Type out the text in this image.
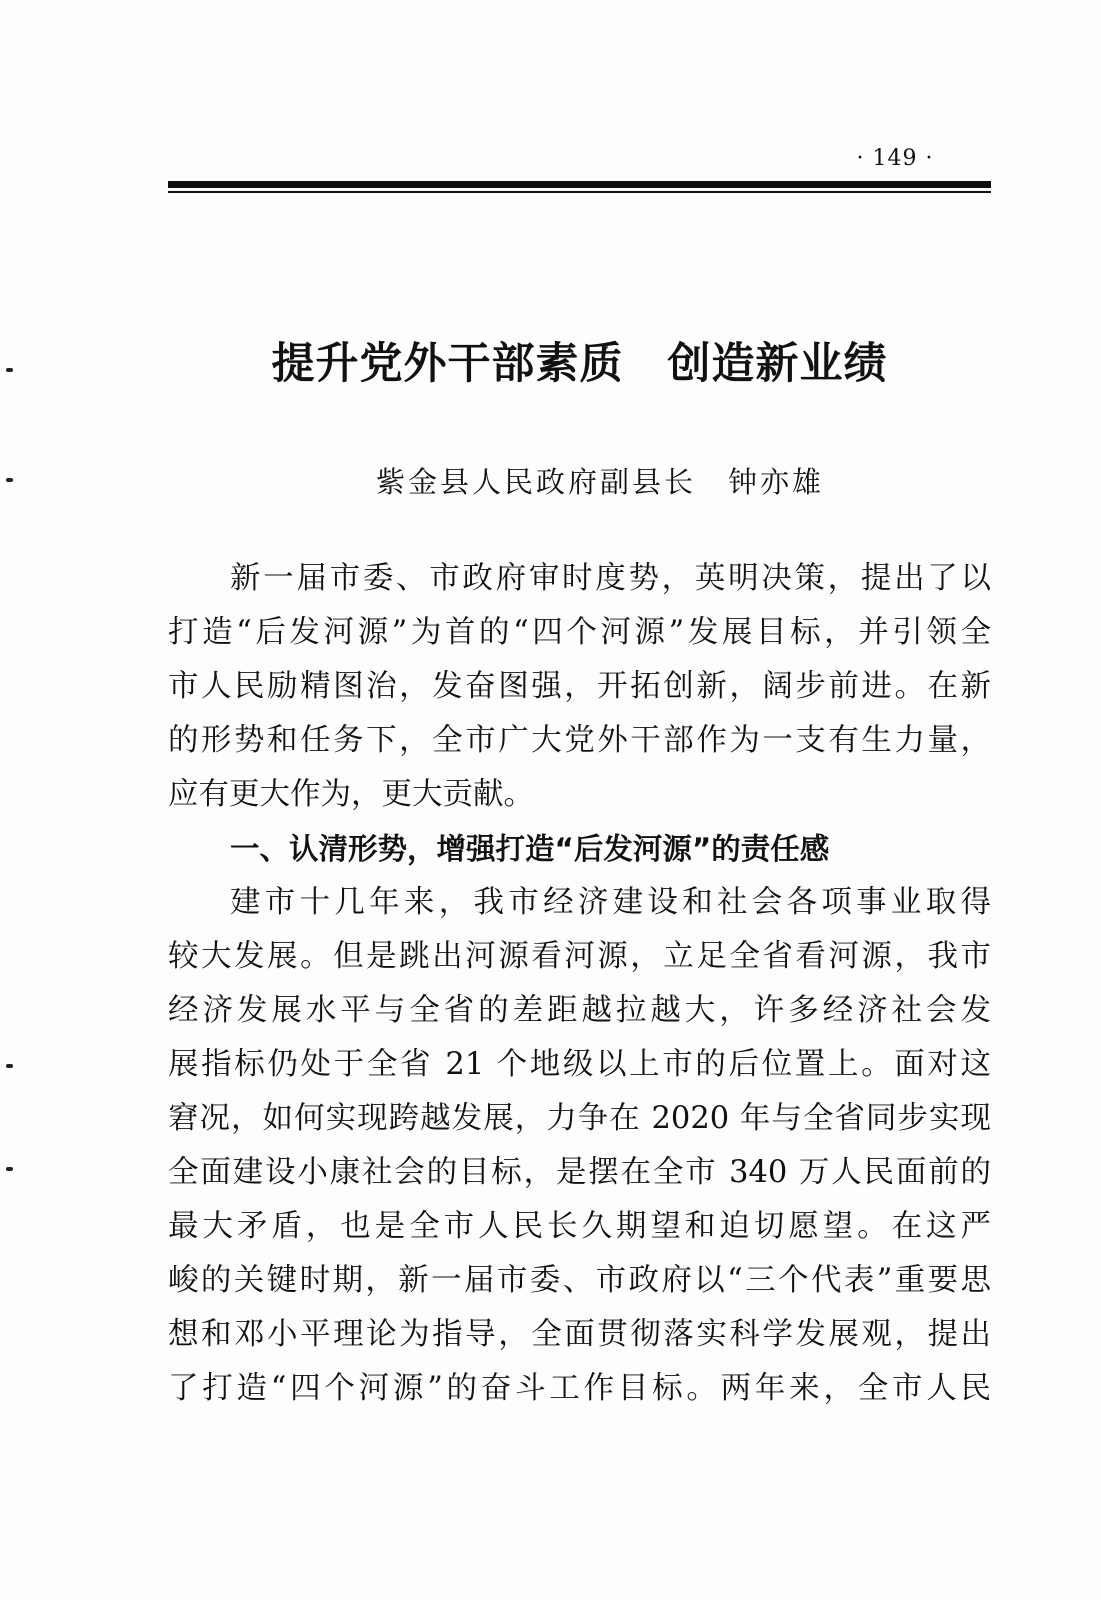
· 149 ·
提升党外干部素质　创造新业绩
紫金县人民政府副县长　钟亦雄
新一届市委、市政府审时度势，英明决策，提出了以
打造“后发河源”为首的“四个河源”发展目标，并引领全
市人民励精图治，发奋图强，开拓创新，阔步前进。在新
的形势和任务下，全市广大党外干部作为一支有生力量，
应有更大作为，更大贡献。
一、认清形势，增强打造“后发河源”的责任感
建市十几年来，我市经济建设和社会各项事业取得
较大发展。但是跳出河源看河源，立足全省看河源，我市
经济发展水平与全省的差距越拉越大，许多经济社会发
展指标仍处于全省 21 个地级以上市的后位置上。面对这
窘况，如何实现跨越发展，力争在 2020 年与全省同步实现
全面建设小康社会的目标，是摆在全市 340 万人民面前的
最大矛盾，也是全市人民长久期望和迫切愿望。在这严
峻的关键时期，新一届市委、市政府以“三个代表”重要思
想和邓小平理论为指导，全面贯彻落实科学发展观，提出
了打造“四个河源”的奋斗工作目标。两年来，全市人民
